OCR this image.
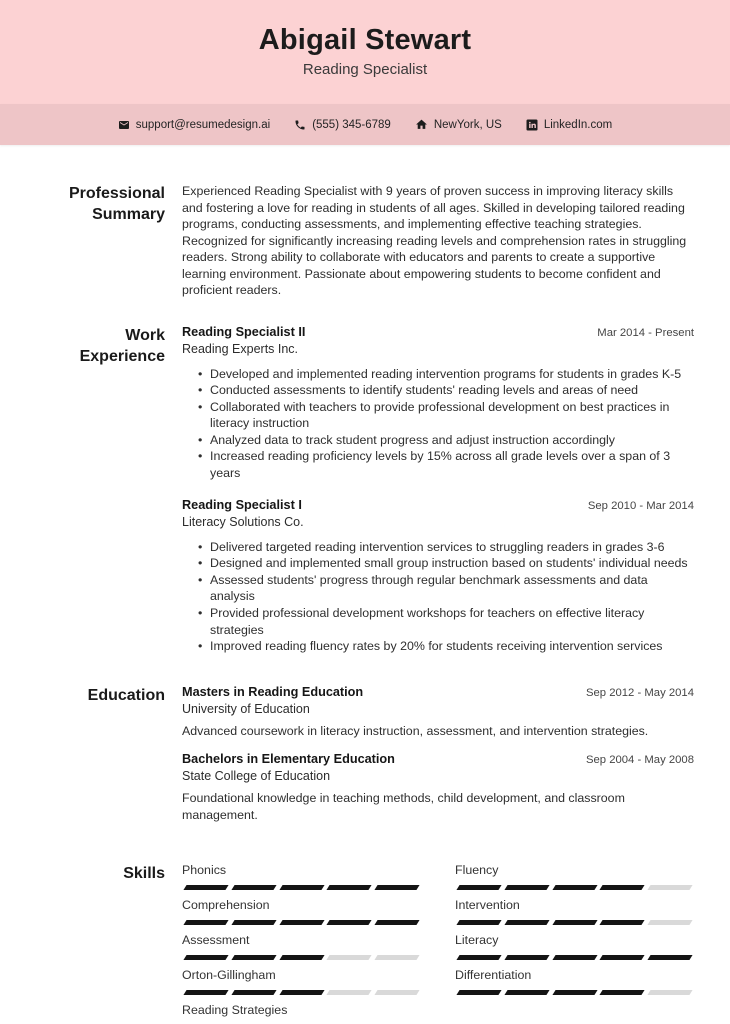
Abigail Stewart
Reading Specialist
support@resumedesign.ai	(555) 345-6789	NewYork, US	LinkedIn.com
Professional Summary

Experienced Reading Specialist with 9 years of proven success in improving literacy skills and fostering a love for reading in students of all ages. Skilled in developing tailored reading programs, conducting assessments, and implementing effective teaching strategies. Recognized for significantly increasing reading levels and comprehension rates in struggling readers. Strong ability to collaborate with educators and parents to create a supportive learning environment. Passionate about empowering students to become confident and proficient readers.

Work Experience
Reading Specialist II	Mar 2014 - Present
Reading Experts Inc.
• Developed and implemented reading intervention programs for students in grades K-5
• Conducted assessments to identify students' reading levels and areas of need
• Collaborated with teachers to provide professional development on best practices in literacy instruction
• Analyzed data to track student progress and adjust instruction accordingly
• Increased reading proficiency levels by 15% across all grade levels over a span of 3 years
Reading Specialist I	Sep 2010 - Mar 2014
Literacy Solutions Co.
• Delivered targeted reading intervention services to struggling readers in grades 3-6
• Designed and implemented small group instruction based on students' individual needs
• Assessed students' progress through regular benchmark assessments and data analysis
• Provided professional development workshops for teachers on effective literacy strategies
• Improved reading fluency rates by 20% for students receiving intervention services
Education Masters in Reading Education	Sep 2012 - May 2014
University of Education
Advanced coursework in literacy instruction, assessment, and intervention strategies.
Bachelors in Elementary Education	Sep 2004 - May 2008
State College of Education
Foundational knowledge in teaching methods, child development, and classroom management.
Skills Phonics
Comprehension
Assessment
Orton-Gillingham
Reading Strategies
Fluency
Intervention
Literacy
Differentiation
